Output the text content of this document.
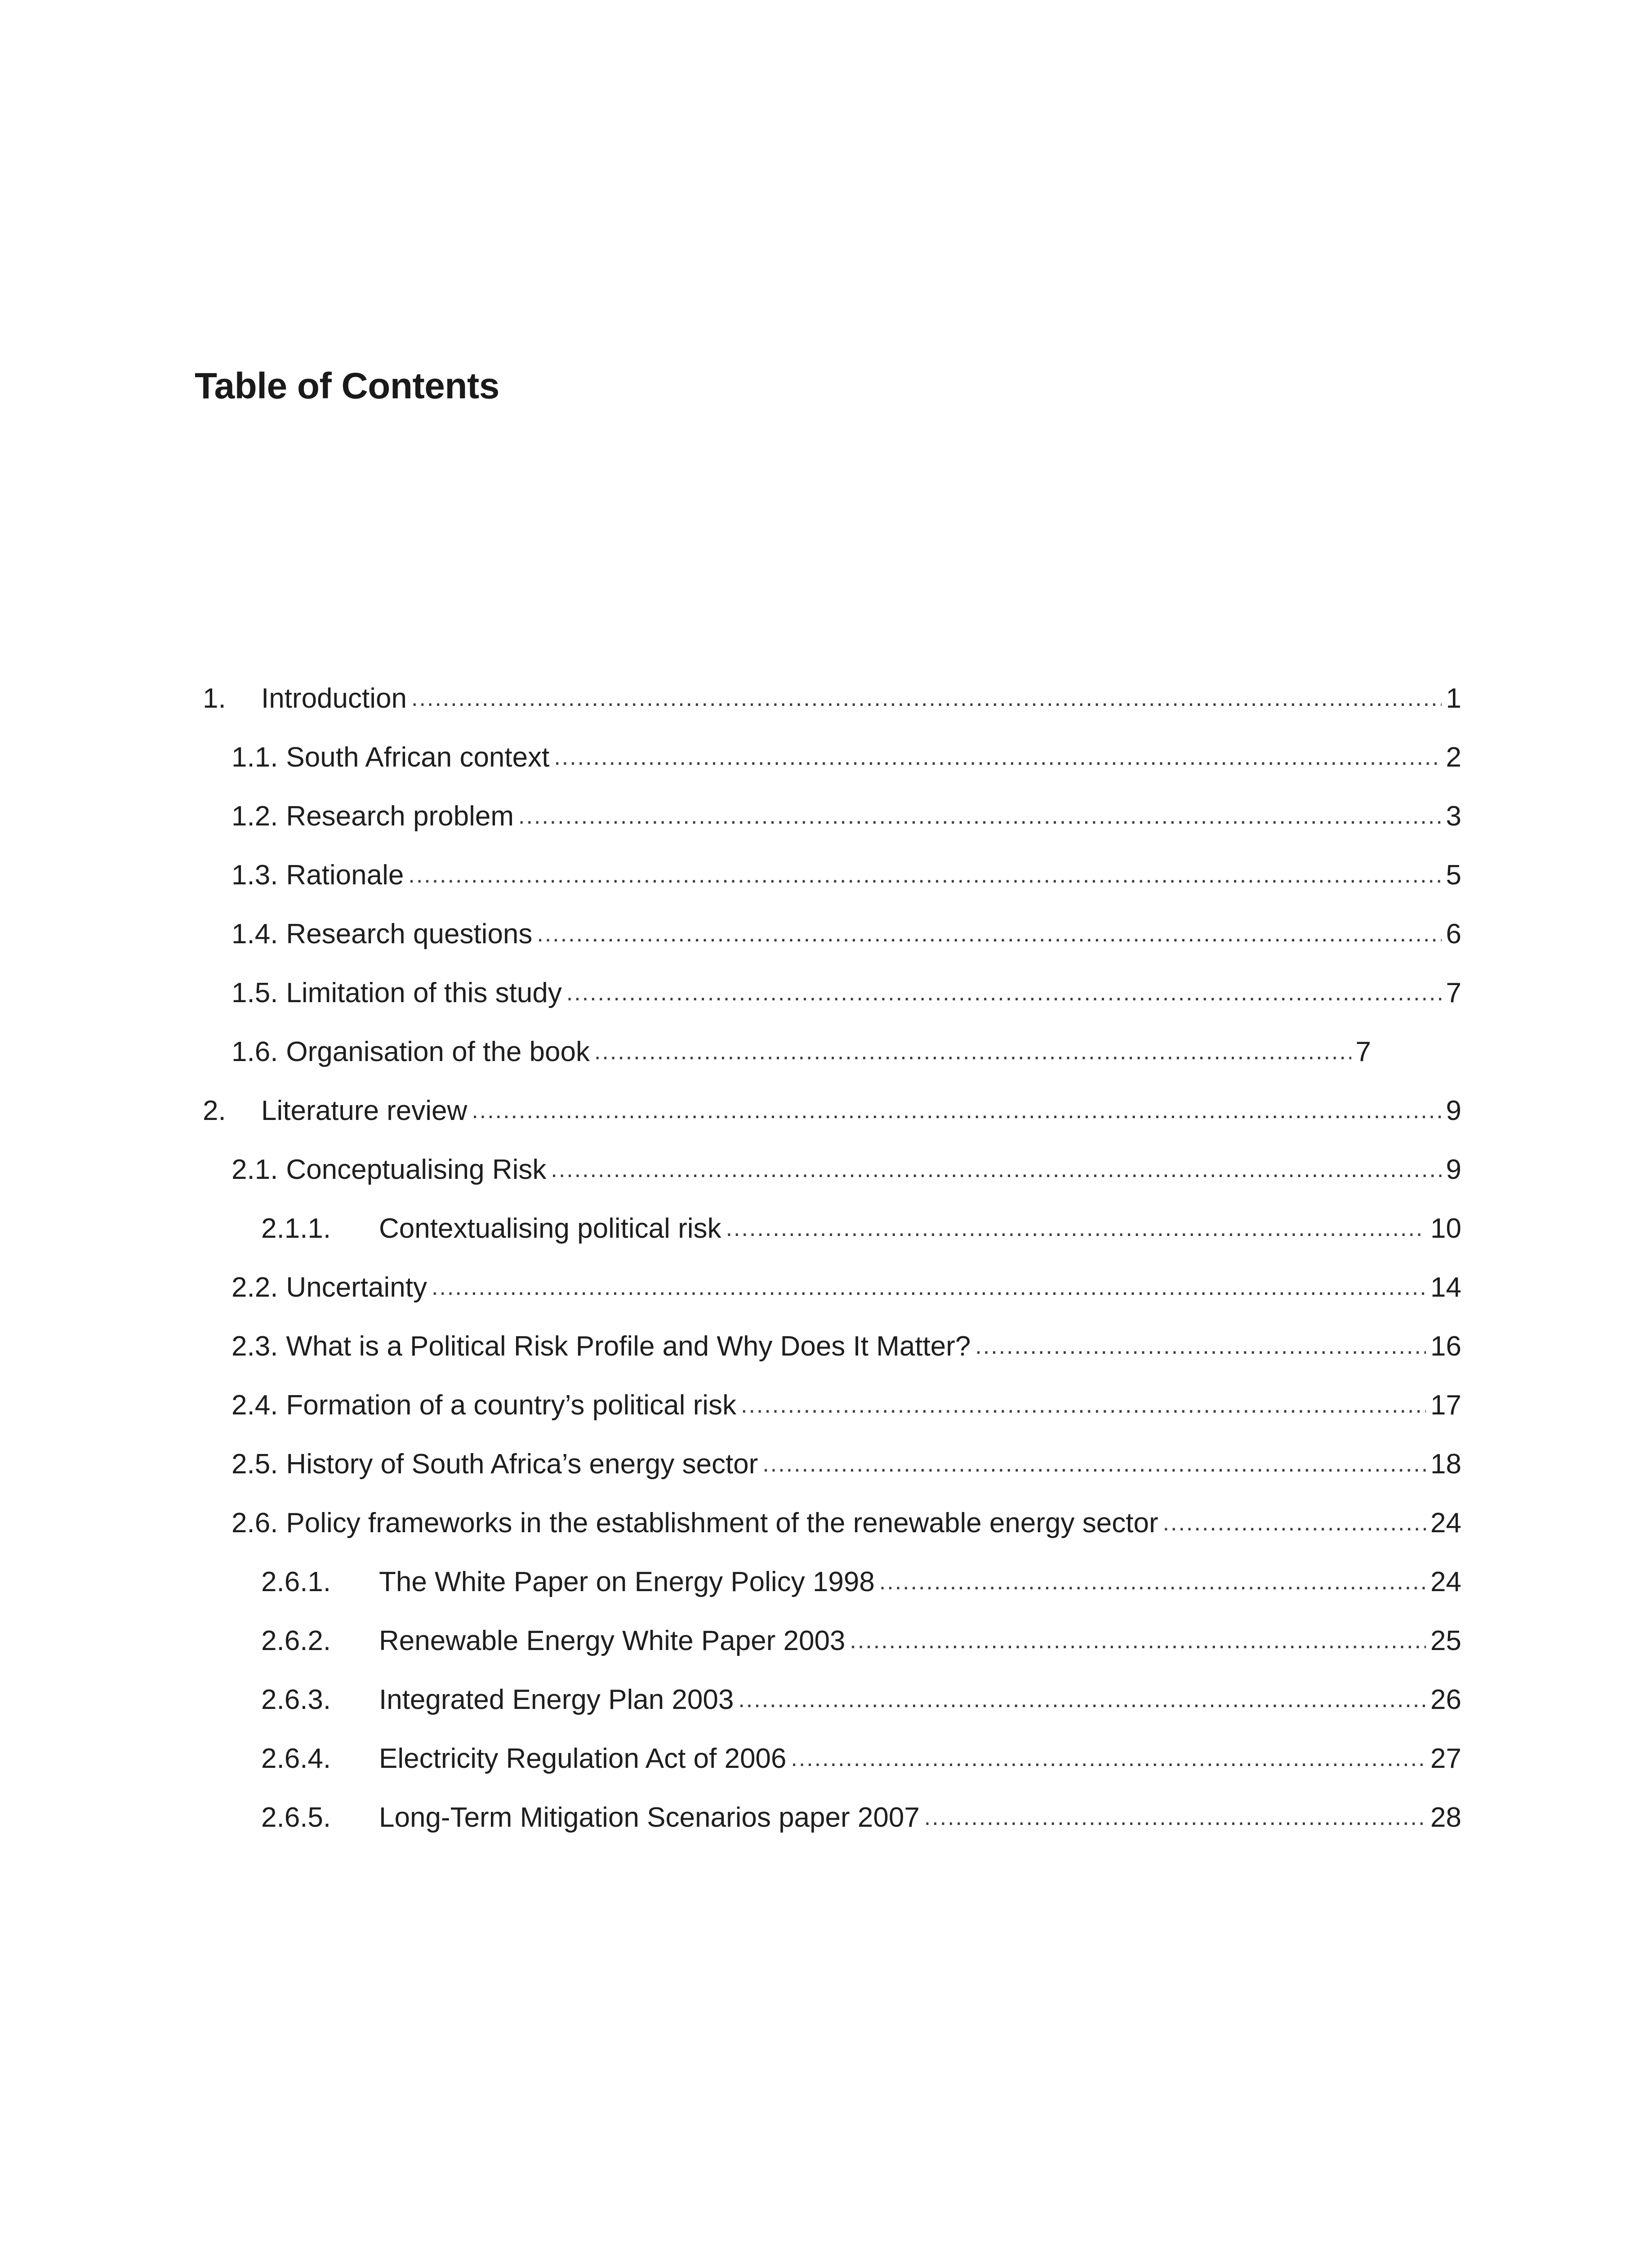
Table of Contents
1.	Introduction .....	1
1.1. South African context .....	2
1.2. Research problem .....	3
1.3. Rationale .....	5
1.4. Research questions .....	6
1.5. Limitation of this study .....	7
1.6. Organisation of the book .....	7
2.	Literature review .....	9
2.1. Conceptualising Risk .....	9
2.1.1.	Contextualising political risk .....	10
2.2. Uncertainty .....	14
2.3. What is a Political Risk Profile and Why Does It Matter? .....	16
2.4. Formation of a country’s political risk .....	17
2.5. History of South Africa’s energy sector .....	18
2.6. Policy frameworks in the establishment of the renewable energy sector .....	24
2.6.1.	The White Paper on Energy Policy 1998 .....	24
2.6.2.	Renewable Energy White Paper 2003 .....	25
2.6.3.	Integrated Energy Plan 2003 .....	26
2.6.4.	Electricity Regulation Act of 2006 .....	27
2.6.5.	Long-Term Mitigation Scenarios paper 2007 .....	28
